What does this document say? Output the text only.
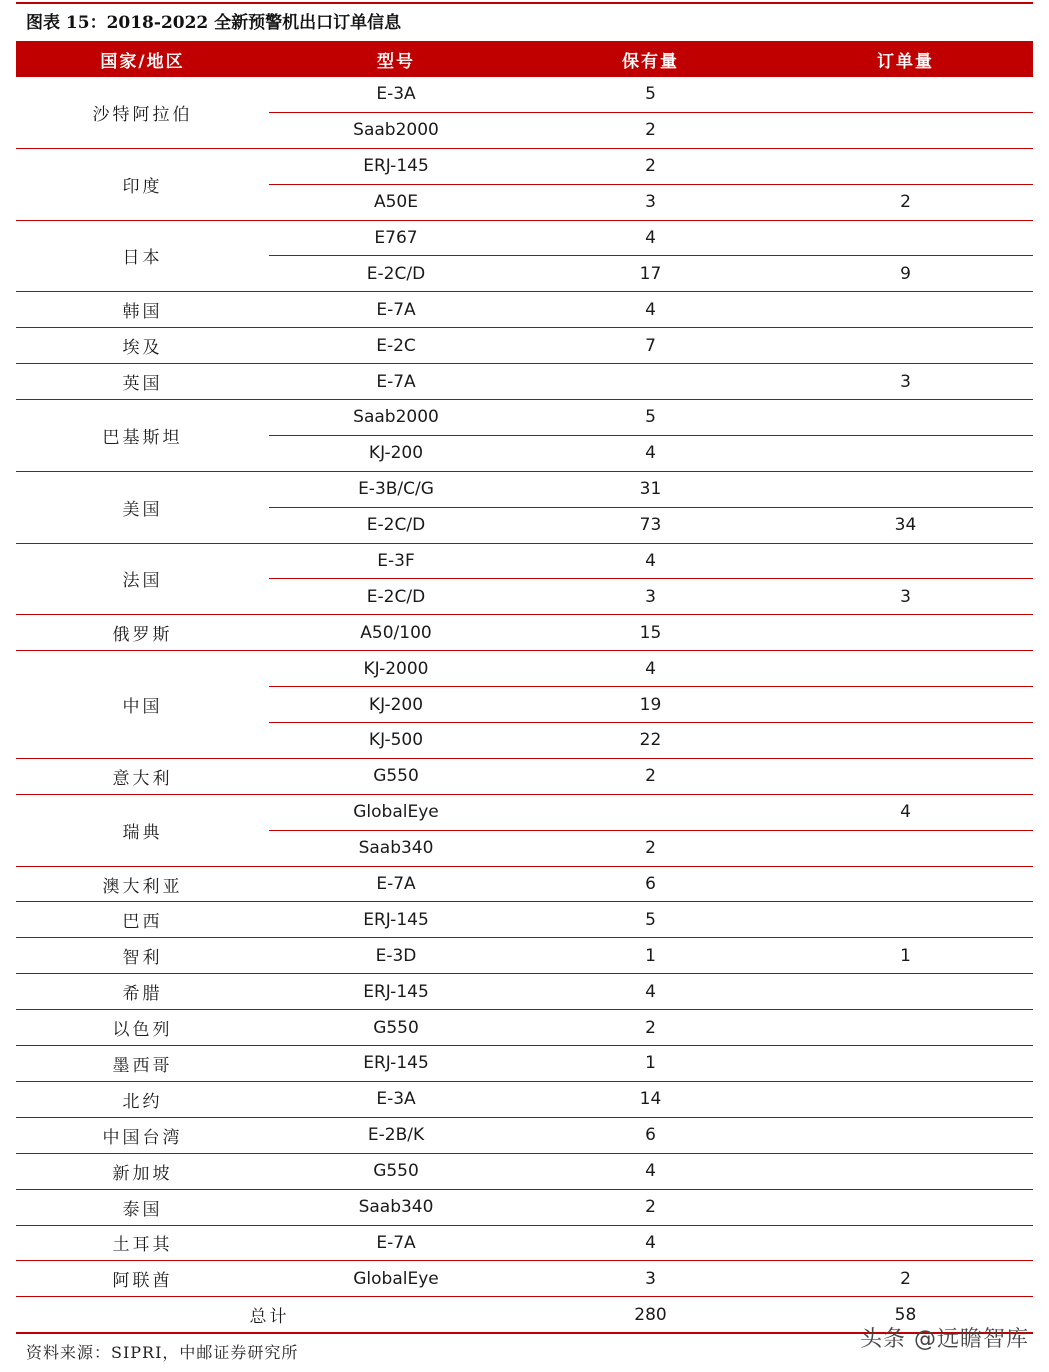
图表 15：2018-2022 全新预警机出口订单信息
国家/地区	型号	保有量	订单量
沙特阿拉伯	E-3A	5	
	Saab2000	2	
印度	ERJ-145	2	
	A50E	3	2
日本	E767	4	
	E-2C/D	17	9
韩国	E-7A	4	
埃及	E-2C	7	
英国	E-7A		3
巴基斯坦	Saab2000	5	
	KJ-200	4	
美国	E-3B/C/G	31	
	E-2C/D	73	34
法国	E-3F	4	
	E-2C/D	3	3
俄罗斯	A50/100	15	
中国	KJ-2000	4	
	KJ-200	19	
	KJ-500	22	
意大利	G550	2	
瑞典	GlobalEye		4
	Saab340	2	
澳大利亚	E-7A	6	
巴西	ERJ-145	5	
智利	E-3D	1	1
希腊	ERJ-145	4	
以色列	G550	2	
墨西哥	ERJ-145	1	
北约	E-3A	14	
中国台湾	E-2B/K	6	
新加坡	G550	4	
泰国	Saab340	2	
土耳其	E-7A	4	
阿联酋	GlobalEye	3	2
总计		280	58
资料来源：SIPRI，中邮证券研究所
头条 @远瞻智库
